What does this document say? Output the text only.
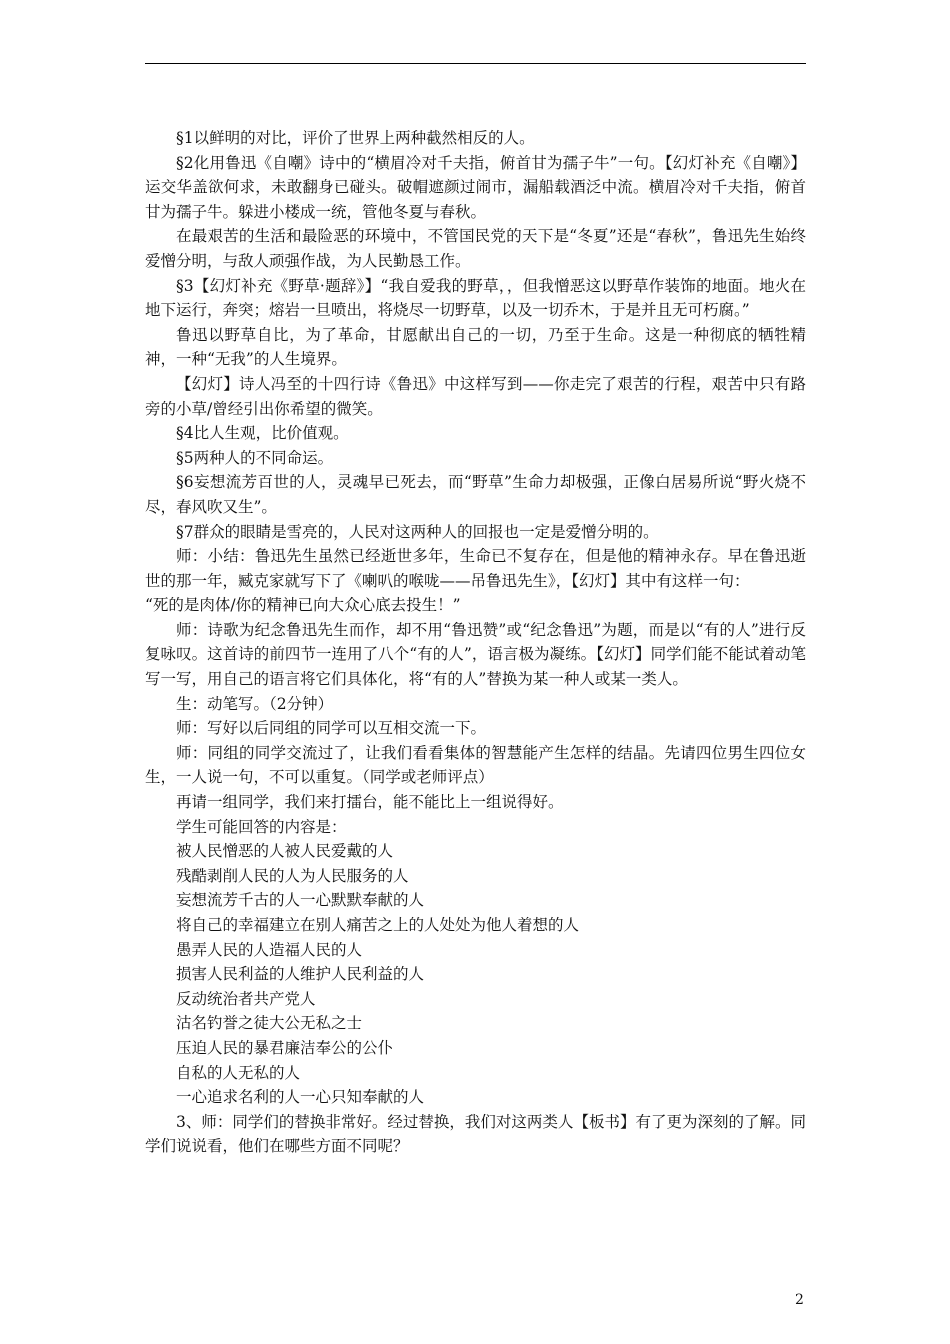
§1以鲜明的对比，评价了世界上两种截然相反的人。

§2化用鲁迅《自嘲》诗中的“横眉冷对千夫指，俯首甘为孺子牛”一句。【幻灯补充《自嘲》】运交华盖欲何求，未敢翻身已碰头。破帽遮颜过闹市，漏船载酒泛中流。横眉冷对千夫指，俯首甘为孺子牛。躲进小楼成一统，管他冬夏与春秋。

在最艰苦的生活和最险恶的环境中，不管国民党的天下是“冬夏”还是“春秋”，鲁迅先生始终爱憎分明，与敌人顽强作战，为人民勤恳工作。

§3【幻灯补充《野草·题辞》】“我自爱我的野草，，但我憎恶这以野草作装饰的地面。地火在地下运行，奔突；熔岩一旦喷出，将烧尽一切野草，以及一切乔木，于是并且无可朽腐。”

鲁迅以野草自比，为了革命，甘愿献出自己的一切，乃至于生命。这是一种彻底的牺牲精神，一种“无我”的人生境界。

【幻灯】诗人冯至的十四行诗《鲁迅》中这样写到——你走完了艰苦的行程，艰苦中只有路旁的小草/曾经引出你希望的微笑。

§4比人生观，比价值观。

§5两种人的不同命运。

§6妄想流芳百世的人，灵魂早已死去，而“野草”生命力却极强，正像白居易所说“野火烧不尽，春风吹又生”。

§7群众的眼睛是雪亮的，人民对这两种人的回报也一定是爱憎分明的。

师：小结：鲁迅先生虽然已经逝世多年，生命已不复存在，但是他的精神永存。早在鲁迅逝世的那一年，臧克家就写下了《喇叭的喉咙——吊鲁迅先生》，【幻灯】其中有这样一句：

“死的是肉体/你的精神已向大众心底去投生！”

师：诗歌为纪念鲁迅先生而作，却不用“鲁迅赞”或“纪念鲁迅”为题，而是以“有的人”进行反复咏叹。这首诗的前四节一连用了八个“有的人”，语言极为凝练。【幻灯】同学们能不能试着动笔写一写，用自己的语言将它们具体化，将“有的人”替换为某一种人或某一类人。

生：动笔写。（2分钟）

师：写好以后同组的同学可以互相交流一下。

师：同组的同学交流过了，让我们看看集体的智慧能产生怎样的结晶。先请四位男生四位女生，一人说一句，不可以重复。（同学或老师评点）

再请一组同学，我们来打擂台，能不能比上一组说得好。

学生可能回答的内容是：

被人民憎恶的人被人民爱戴的人

残酷剥削人民的人为人民服务的人

妄想流芳千古的人一心默默奉献的人

将自己的幸福建立在别人痛苦之上的人处处为他人着想的人

愚弄人民的人造福人民的人

损害人民利益的人维护人民利益的人

反动统治者共产党人

沽名钓誉之徒大公无私之士

压迫人民的暴君廉洁奉公的公仆

自私的人无私的人

一心追求名利的人一心只知奉献的人

3、师：同学们的替换非常好。经过替换，我们对这两类人【板书】有了更为深刻的了解。同学们说说看，他们在哪些方面不同呢？

2
